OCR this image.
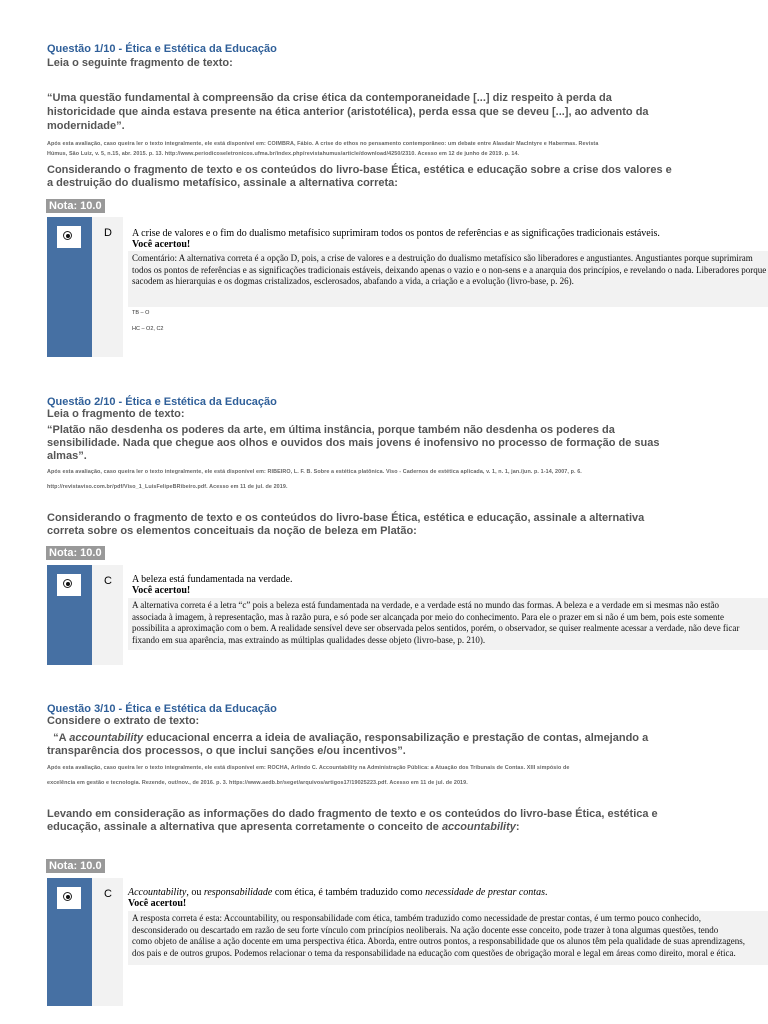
Questão 1/10 - Ética e Estética da Educação
Leia o seguinte fragmento de texto:
“Uma questão fundamental à compreensão da crise ética da contemporaneidade [...] diz respeito à perda da
historicidade que ainda estava presente na ética anterior (aristotélica), perda essa que se deveu [...], ao advento da
modernidade”.
Após esta avaliação, caso queira ler o texto integralmente, ele está disponível em: COIMBRA, Fábio. A crise do ethos no pensamento contemporâneo: um debate entre Alasdair MacIntyre e Habermas. Revista
Húmus, São Luiz, v. 5, n.15, abr. 2015. p. 13. http://www.periodicoseletronicos.ufma.br/index.php/revistahumus/article/download/4250/2310. Acesso em 12 de junho de 2019. p. 14.
Considerando o fragmento de texto e os conteúdos do livro-base Ética, estética e educação sobre a crise dos valores e
a destruição do dualismo metafísico, assinale a alternativa correta:
Nota: 10.0
D A crise de valores e o fim do dualismo metafísico suprimiram todos os pontos de referências e as significações tradicionais estáveis.
Você acertou!
Comentário: A alternativa correta é a opção D, pois, a crise de valores e a destruição do dualismo metafísico são liberadores e angustiantes. Angustiantes porque suprimiram
todos os pontos de referências e as significações tradicionais estáveis, deixando apenas o vazio e o non-sens e a anarquia dos princípios, e revelando o nada. Liberadores porque
sacodem as hierarquias e os dogmas cristalizados, esclerosados, abafando a vida, a criação e a evolução (livro-base, p. 26).
TB – O
HC – O2, C2
Questão 2/10 - Ética e Estética da Educação
Leia o fragmento de texto:
“Platão não desdenha os poderes da arte, em última instância, porque também não desdenha os poderes da
sensibilidade. Nada que chegue aos olhos e ouvidos dos mais jovens é inofensivo no processo de formação de suas
almas”.
Após esta avaliação, caso queira ler o texto integralmente, ele está disponível em: RIBEIRO, L. F. B. Sobre a estética platônica. Viso - Cadernos de estética aplicada, v. 1, n. 1, jan./jun. p. 1-14, 2007, p. 6.
http://revistaviso.com.br/pdf/Viso_1_LuisFelipeBRibeiro.pdf. Acesso em 11 de jul. de 2019.
Considerando o fragmento de texto e os conteúdos do livro-base Ética, estética e educação, assinale a alternativa
correta sobre os elementos conceituais da noção de beleza em Platão:
Nota: 10.0
C A beleza está fundamentada na verdade.
Você acertou!
A alternativa correta é a letra “c” pois a beleza está fundamentada na verdade, e a verdade está no mundo das formas. A beleza e a verdade em si mesmas não estão
associada à imagem, à representação, mas à razão pura, e só pode ser alcançada por meio do conhecimento. Para ele o prazer em si não é um bem, pois este somente
possibilita a aproximação com o bem. A realidade sensível deve ser observada pelos sentidos, porém, o observador, se quiser realmente acessar a verdade, não deve ficar
fixando em sua aparência, mas extraindo as múltiplas qualidades desse objeto (livro-base, p. 210).
Questão 3/10 - Ética e Estética da Educação
Considere o extrato de texto:
“A accountability educacional encerra a ideia de avaliação, responsabilização e prestação de contas, almejando a
transparência dos processos, o que inclui sanções e/ou incentivos”.
Após esta avaliação, caso queira ler o texto integralmente, ele está disponível em: ROCHA, Arlindo C. Accountability na Administração Pública: a Atuação dos Tribunais de Contas. XIII simpósio de
excelência em gestão e tecnologia. Rezende, out/nov., de 2016. p. 3. https://www.aedb.br/seget/arquivos/artigos17/19025223.pdf. Acesso em 11 de jul. de 2019.
Levando em consideração as informações do dado fragmento de texto e os conteúdos do livro-base Ética, estética e
educação, assinale a alternativa que apresenta corretamente o conceito de accountability:
Nota: 10.0
C Accountability, ou responsabilidade com ética, é também traduzido como necessidade de prestar contas.
Você acertou!
A resposta correta é esta: Accountability, ou responsabilidade com ética, também traduzido como necessidade de prestar contas, é um termo pouco conhecido,
desconsiderado ou descartado em razão de seu forte vínculo com princípios neoliberais. Na ação docente esse conceito, pode trazer à tona algumas questões, tendo
como objeto de análise a ação docente em uma perspectiva ética. Aborda, entre outros pontos, a responsabilidade que os alunos têm pela qualidade de suas aprendizagens,
dos pais e de outros grupos. Podemos relacionar o tema da responsabilidade na educação com questões de obrigação moral e legal em áreas como direito, moral e ética.
